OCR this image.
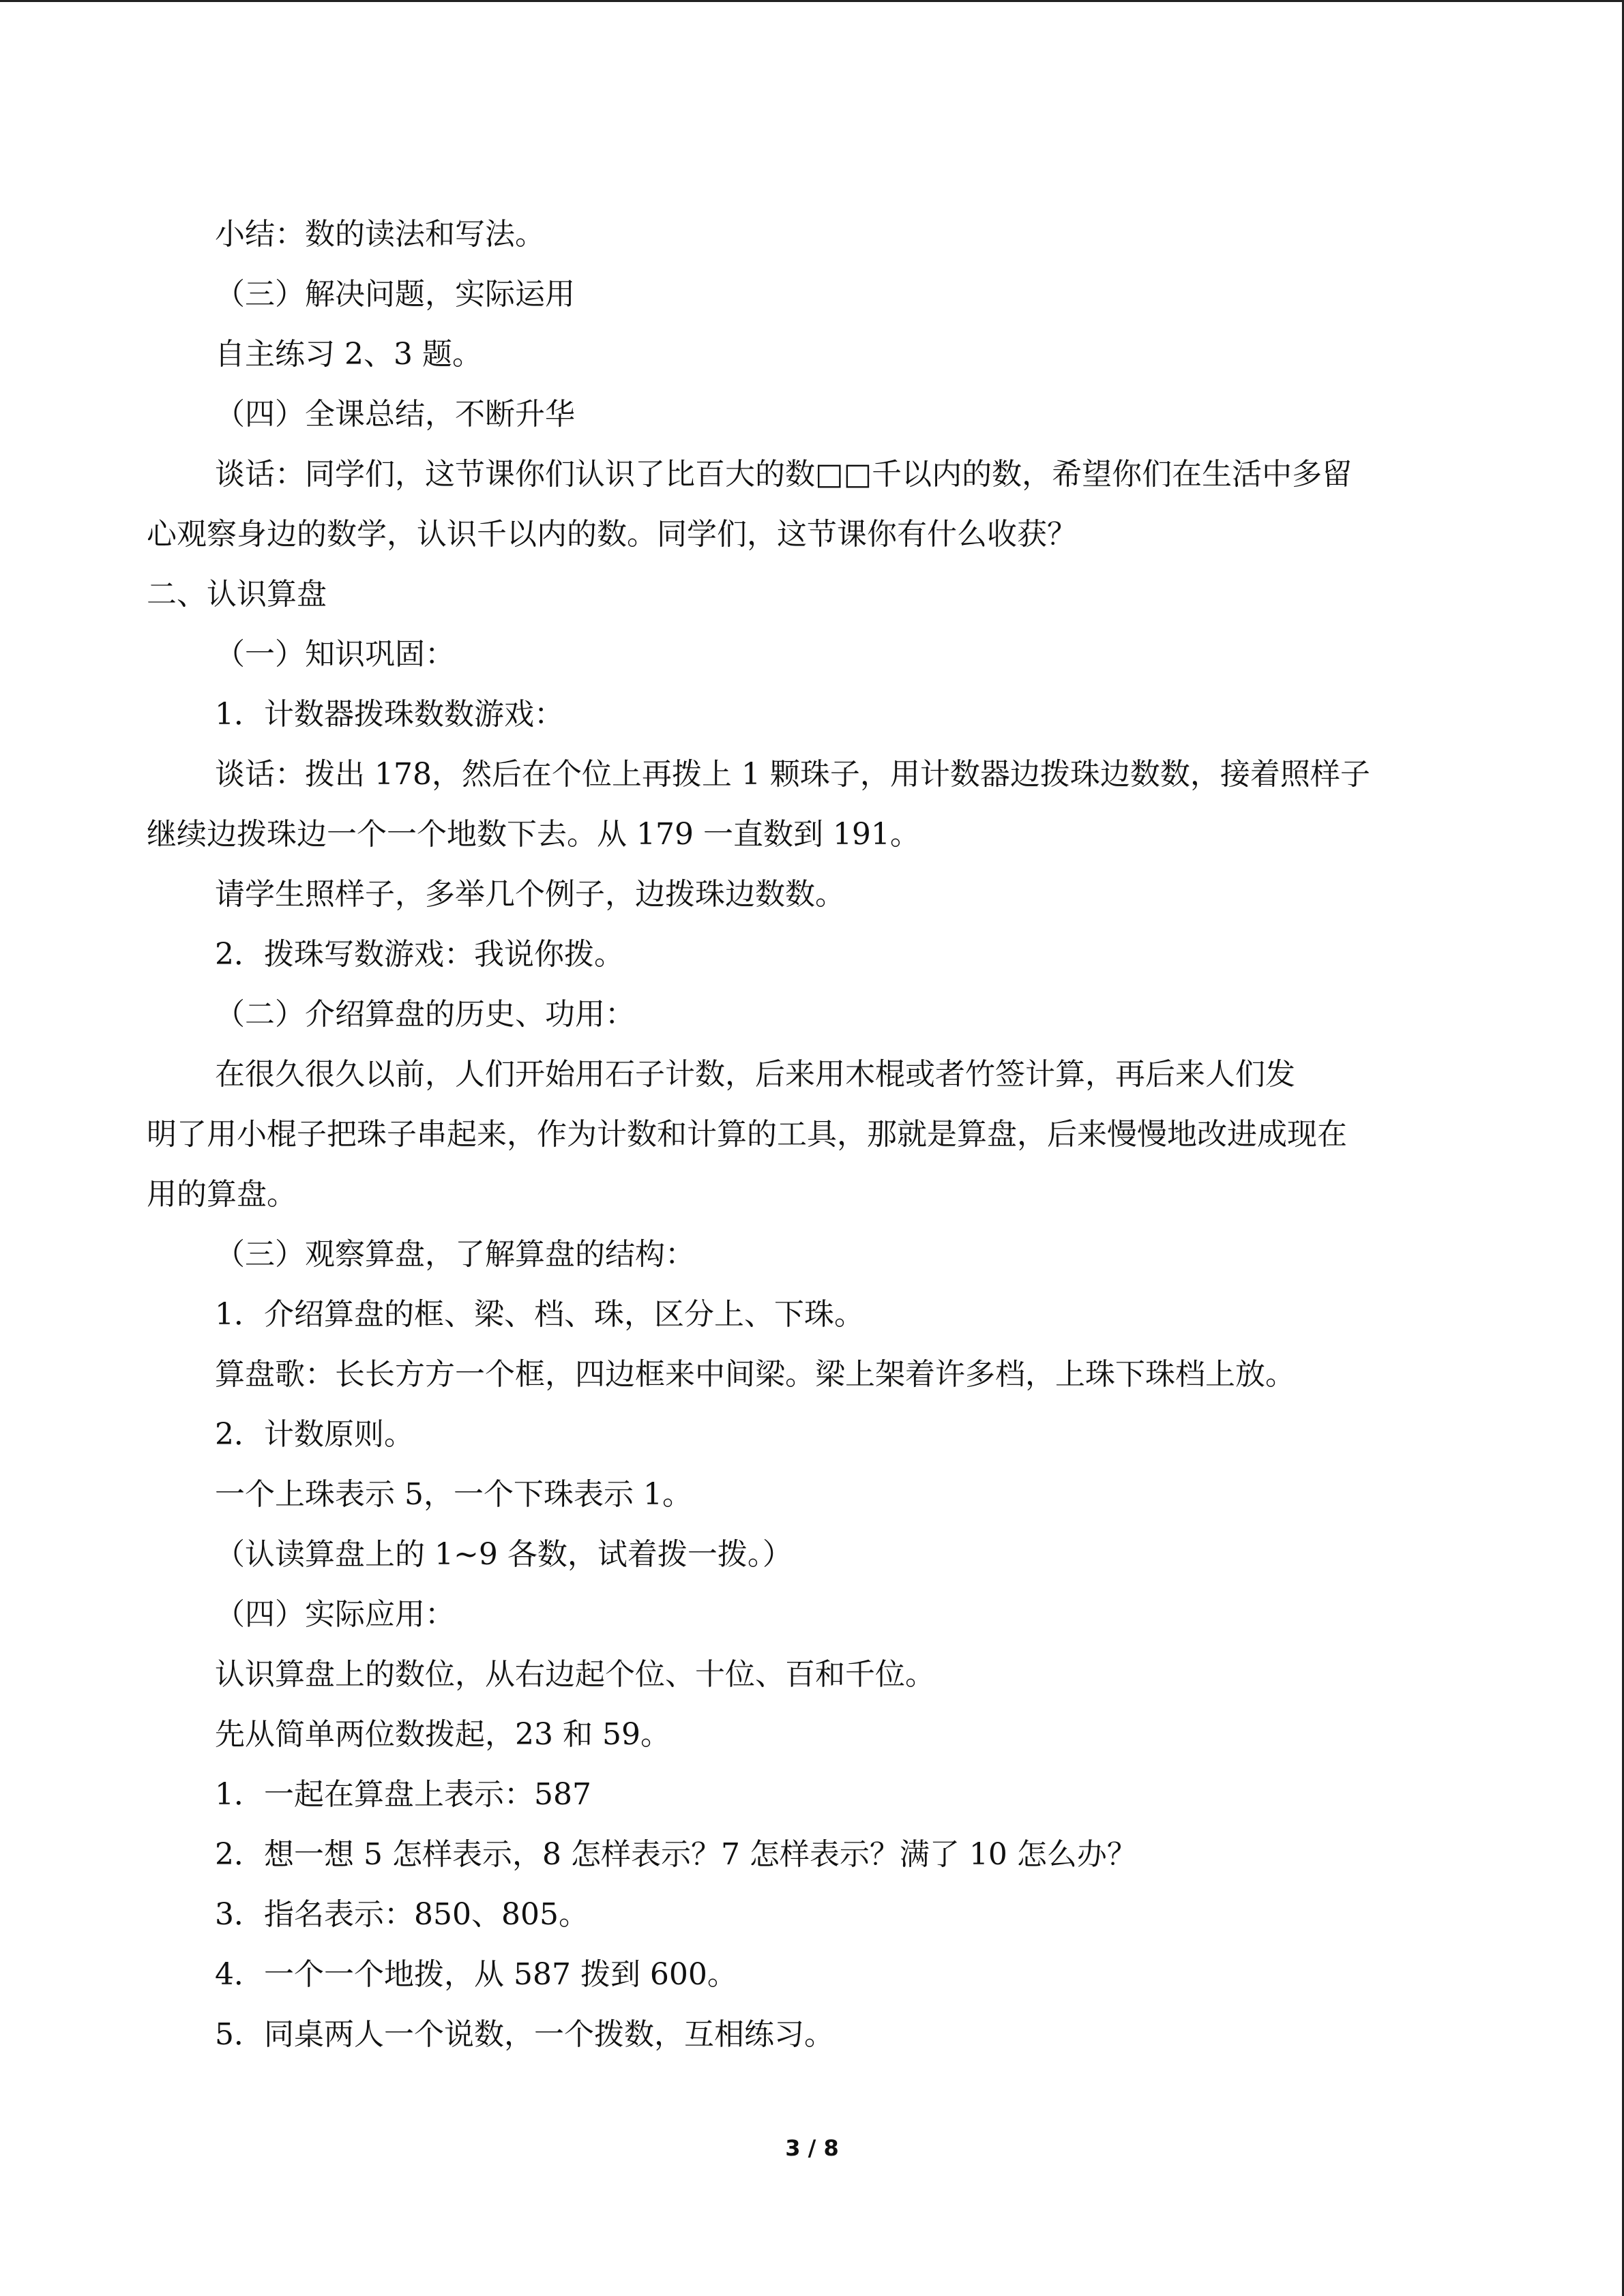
小结：数的读法和写法。
（三）解决问题，实际运用
自主练习 2、3 题。
（四）全课总结，不断升华
谈话：同学们，这节课你们认识了比百大的数□□千以内的数，希望你们在生活中多留
心观察身边的数学，认识千以内的数。同学们，这节课你有什么收获？
二、认识算盘
（一）知识巩固：
1．计数器拨珠数数游戏：
谈话：拨出 178，然后在个位上再拨上 1 颗珠子，用计数器边拨珠边数数，接着照样子
继续边拨珠边一个一个地数下去。从 179 一直数到 191。
请学生照样子，多举几个例子，边拨珠边数数。
2．拨珠写数游戏：我说你拨。
（二）介绍算盘的历史、功用：
在很久很久以前，人们开始用石子计数，后来用木棍或者竹签计算，再后来人们发
明了用小棍子把珠子串起来，作为计数和计算的工具，那就是算盘，后来慢慢地改进成现在
用的算盘。
（三）观察算盘，了解算盘的结构：
1．介绍算盘的框、梁、档、珠，区分上、下珠。
算盘歌：长长方方一个框，四边框来中间梁。梁上架着许多档，上珠下珠档上放。
2．计数原则。
一个上珠表示 5，一个下珠表示 1。
（认读算盘上的 1~9 各数，试着拨一拨。）
（四）实际应用：
认识算盘上的数位，从右边起个位、十位、百和千位。
先从简单两位数拨起，23 和 59。
1．一起在算盘上表示：587
2．想一想 5 怎样表示，8 怎样表示？7 怎样表示？满了 10 怎么办？
3．指名表示：850、805。
4．一个一个地拨，从 587 拨到 600。
5．同桌两人一个说数，一个拨数，互相练习。
3 / 8
